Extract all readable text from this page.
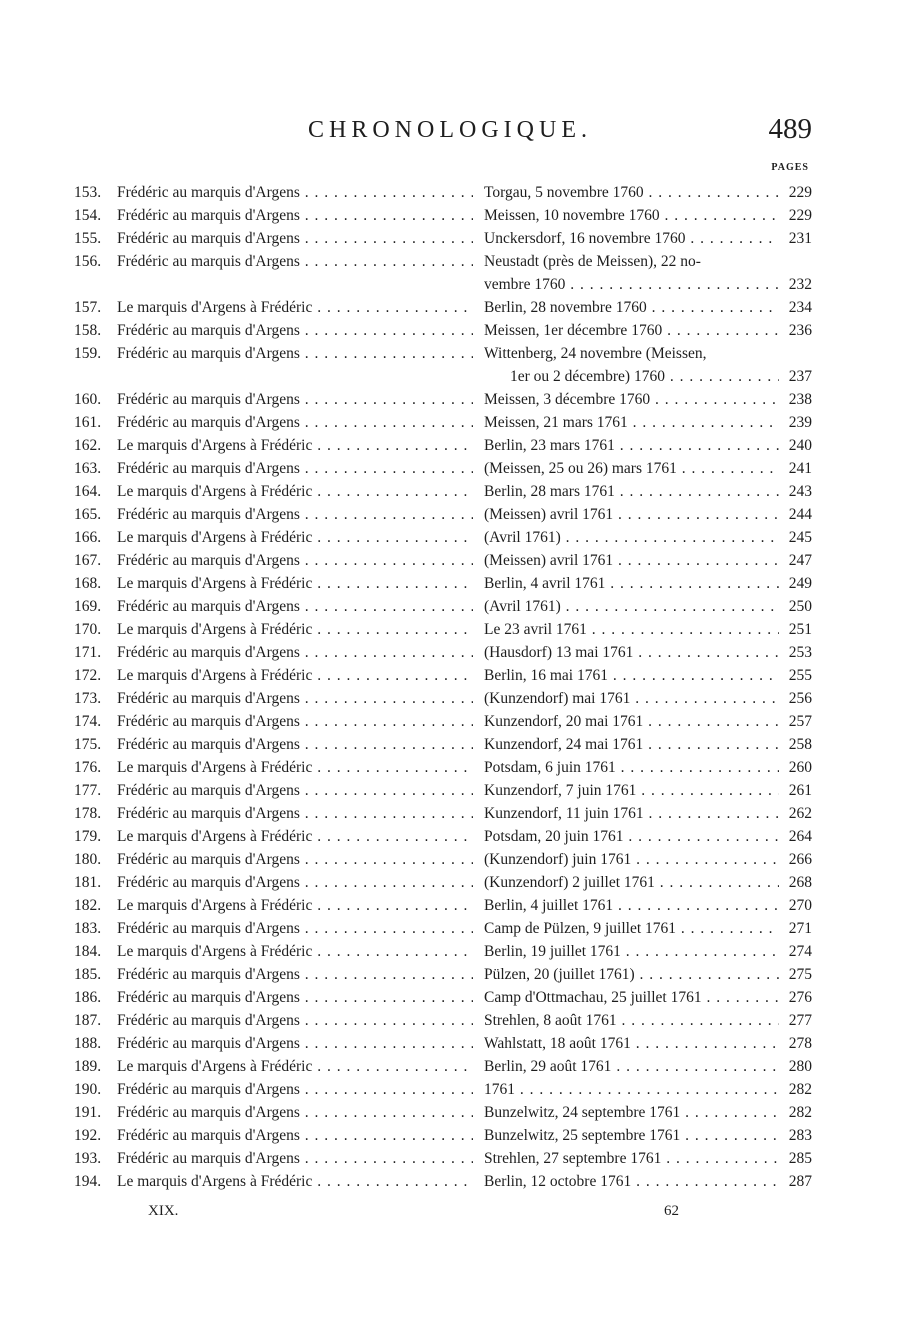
CHRONOLOGIQUE.	489
PAGES
153.	Frédéric au marquis d'Argens . . .	Torgau, 5 novembre 1760 . . .	229
154.	Frédéric au marquis d'Argens . . .	Meissen, 10 novembre 1760 . . .	229
155.	Frédéric au marquis d'Argens . . .	Unckersdorf, 16 novembre 1760 . . .	231
156.	Frédéric au marquis d'Argens . . .	Neustadt (près de Meissen), 22 no-
vembre 1760 . . .	232
157.	Le marquis d'Argens à Frédéric . . .	Berlin, 28 novembre 1760 . . .	234
158.	Frédéric au marquis d'Argens . . .	Meissen, 1er décembre 1760 . . .	236
159.	Frédéric au marquis d'Argens . . .	Wittenberg, 24 novembre (Meissen,
1er ou 2 décembre) 1760 . . .	237
160.	Frédéric au marquis d'Argens . . .	Meissen, 3 décembre 1760 . . .	238
161.	Frédéric au marquis d'Argens . . .	Meissen, 21 mars 1761 . . .	239
162.	Le marquis d'Argens à Frédéric . . .	Berlin, 23 mars 1761 . . .	240
163.	Frédéric au marquis d'Argens . . .	(Meissen, 25 ou 26) mars 1761 . . .	241
164.	Le marquis d'Argens à Frédéric . . .	Berlin, 28 mars 1761 . . .	243
165.	Frédéric au marquis d'Argens . . .	(Meissen) avril 1761 . . .	244
166.	Le marquis d'Argens à Frédéric . . .	(Avril 1761) . . .	245
167.	Frédéric au marquis d'Argens . . .	(Meissen) avril 1761 . . .	247
168.	Le marquis d'Argens à Frédéric . . .	Berlin, 4 avril 1761 . . .	249
169.	Frédéric au marquis d'Argens . . .	(Avril 1761) . . .	250
170.	Le marquis d'Argens à Frédéric . . .	Le 23 avril 1761 . . .	251
171.	Frédéric au marquis d'Argens . . .	(Hausdorf) 13 mai 1761 . . .	253
172.	Le marquis d'Argens à Frédéric . . .	Berlin, 16 mai 1761 . . .	255
173.	Frédéric au marquis d'Argens . . .	(Kunzendorf) mai 1761 . . .	256
174.	Frédéric au marquis d'Argens . . .	Kunzendorf, 20 mai 1761 . . .	257
175.	Frédéric au marquis d'Argens . . .	Kunzendorf, 24 mai 1761 . . .	258
176.	Le marquis d'Argens à Frédéric . . .	Potsdam, 6 juin 1761 . . .	260
177.	Frédéric au marquis d'Argens . . .	Kunzendorf, 7 juin 1761 . . .	261
178.	Frédéric au marquis d'Argens . . .	Kunzendorf, 11 juin 1761 . . .	262
179.	Le marquis d'Argens à Frédéric . . .	Potsdam, 20 juin 1761 . . .	264
180.	Frédéric au marquis d'Argens . . .	(Kunzendorf) juin 1761 . . .	266
181.	Frédéric au marquis d'Argens . . .	(Kunzendorf) 2 juillet 1761 . . .	268
182.	Le marquis d'Argens à Frédéric . . .	Berlin, 4 juillet 1761 . . .	270
183.	Frédéric au marquis d'Argens . . .	Camp de Pülzen, 9 juillet 1761 . . .	271
184.	Le marquis d'Argens à Frédéric . . .	Berlin, 19 juillet 1761 . . .	274
185.	Frédéric au marquis d'Argens . . .	Pülzen, 20 (juillet 1761) . . .	275
186.	Frédéric au marquis d'Argens . . .	Camp d'Ottmachau, 25 juillet 1761 . . .	276
187.	Frédéric au marquis d'Argens . . .	Strehlen, 8 août 1761 . . .	277
188.	Frédéric au marquis d'Argens . . .	Wahlstatt, 18 août 1761 . . .	278
189.	Le marquis d'Argens à Frédéric . . .	Berlin, 29 août 1761 . . .	280
190.	Frédéric au marquis d'Argens . . .	1761 . . .	282
191.	Frédéric au marquis d'Argens . . .	Bunzelwitz, 24 septembre 1761 . . .	282
192.	Frédéric au marquis d'Argens . . .	Bunzelwitz, 25 septembre 1761 . . .	283
193.	Frédéric au marquis d'Argens . . .	Strehlen, 27 septembre 1761 . . .	285
194.	Le marquis d'Argens à Frédéric . . .	Berlin, 12 octobre 1761 . . .	287
XIX.	62
